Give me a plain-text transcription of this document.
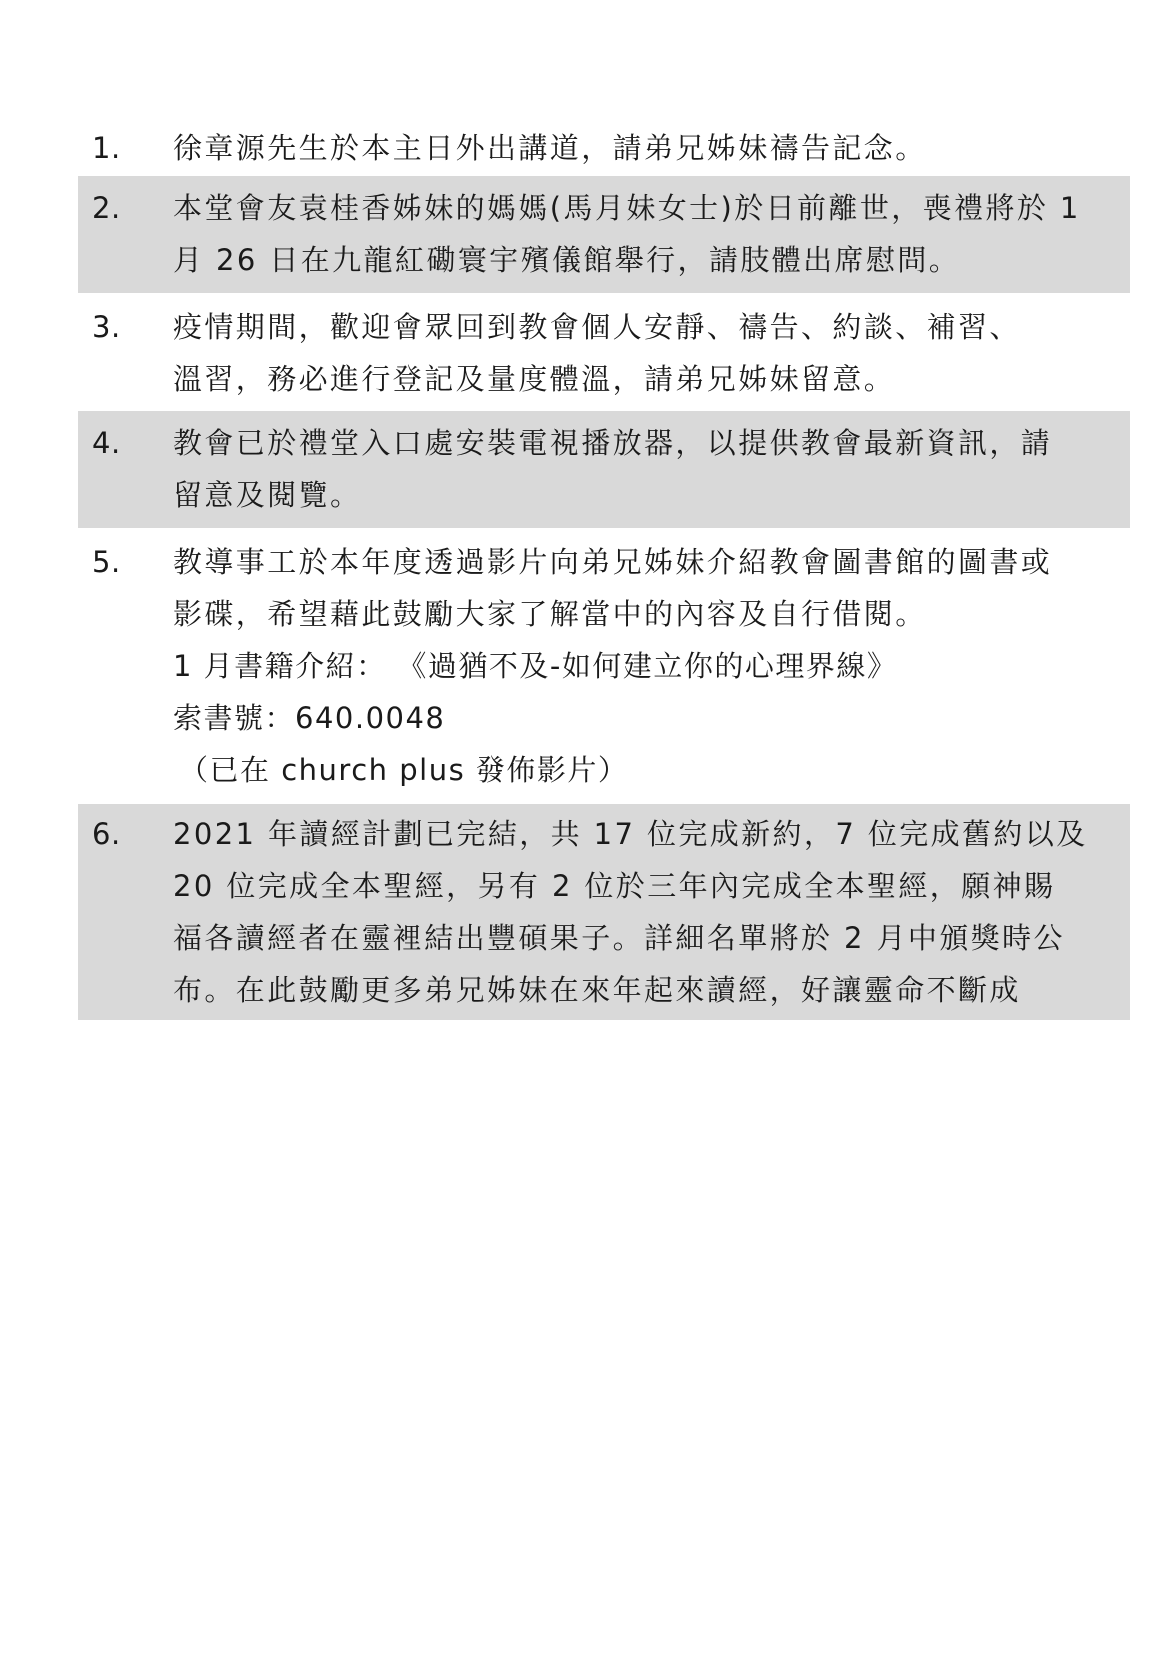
1. 徐章源先生於本主日外出講道，請弟兄姊妹禱告記念。
2. 本堂會友袁桂香姊妹的媽媽(馬月妹女士)於日前離世，喪禮將於 1
月 26 日在九龍紅磡寰宇殯儀館舉行，請肢體出席慰問。
3. 疫情期間，歡迎會眾回到教會個人安靜、禱告、約談、補習、
溫習，務必進行登記及量度體溫，請弟兄姊妹留意。
4. 教會已於禮堂入口處安裝電視播放器，以提供教會最新資訊，請
留意及閱覽。
5. 教導事工於本年度透過影片向弟兄姊妹介紹教會圖書館的圖書或
影碟，希望藉此鼓勵大家了解當中的內容及自行借閱。
1 月書籍介紹： 《過猶不及-如何建立你的心理界線》
索書號：640.0048
（已在 church plus 發佈影片）
6. 2021 年讀經計劃已完結，共 17 位完成新約，7 位完成舊約以及
20 位完成全本聖經，另有 2 位於三年內完成全本聖經，願神賜
福各讀經者在靈裡結出豐碩果子。詳細名單將於 2 月中頒獎時公
布。在此鼓勵更多弟兄姊妹在來年起來讀經，好讓靈命不斷成
